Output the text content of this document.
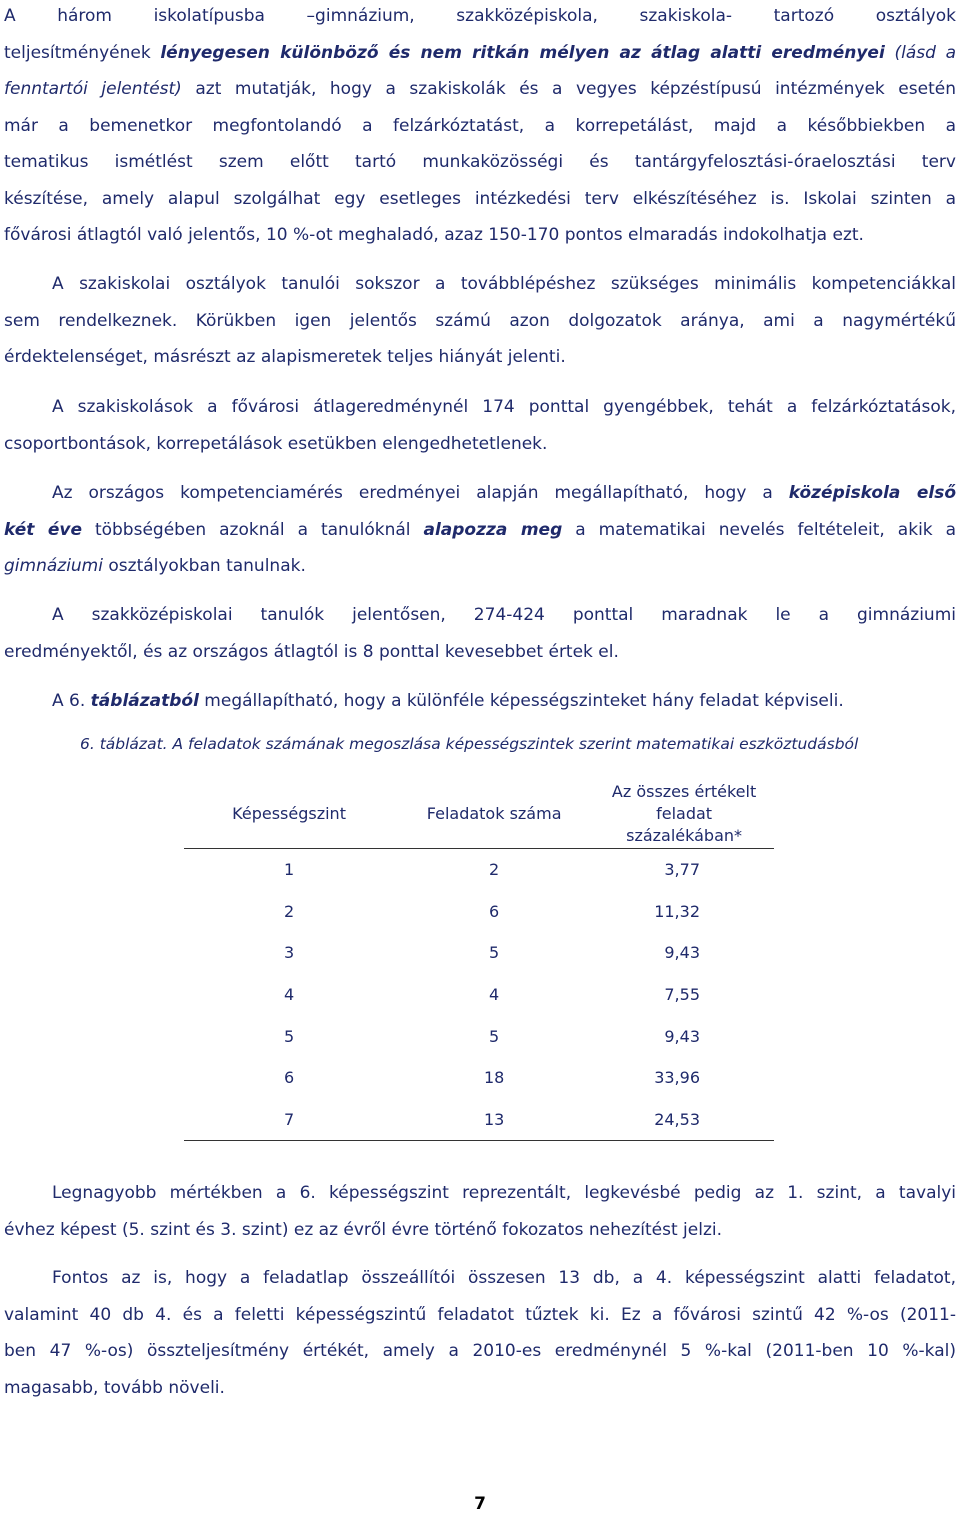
A három iskolatípusba –gimnázium, szakközépiskola, szakiskola- tartozó osztályok
teljesítményének lényegesen különböző és nem ritkán mélyen az átlag alatti eredményei (lásd a
fenntartói jelentést) azt mutatják, hogy a szakiskolák és a vegyes képzéstípusú intézmények esetén
már a bemenetkor megfontolandó a felzárkóztatást, a korrepetálást, majd a későbbiekben a
tematikus ismétlést szem előtt tartó munkaközösségi és tantárgyfelosztási-óraelosztási terv
készítése, amely alapul szolgálhat egy esetleges intézkedési terv elkészítéséhez is. Iskolai szinten a
fővárosi átlagtól való jelentős, 10 %-ot meghaladó, azaz 150-170 pontos elmaradás indokolhatja ezt.
A szakiskolai osztályok tanulói sokszor a továbblépéshez szükséges minimális kompetenciákkal
sem rendelkeznek. Körükben igen jelentős számú azon dolgozatok aránya, ami a nagymértékű
érdektelenséget, másrészt az alapismeretek teljes hiányát jelenti.
A szakiskolások a fővárosi átlageredménynél 174 ponttal gyengébbek, tehát a felzárkóztatások,
csoportbontások, korrepetálások esetükben elengedhetetlenek.
Az országos kompetenciamérés eredményei alapján megállapítható, hogy a középiskola első
két éve többségében azoknál a tanulóknál alapozza meg a matematikai nevelés feltételeit, akik a
gimnáziumi osztályokban tanulnak.
A szakközépiskolai tanulók jelentősen, 274-424 ponttal maradnak le a gimnáziumi
eredményektől, és az országos átlagtól is 8 ponttal kevesebbet értek el.
A 6. táblázatból megállapítható, hogy a különféle képességszinteket hány feladat képviseli.
6. táblázat. A feladatok számának megoszlása képességszintek szerint matematikai eszköztudásból
Képességszint	Feladatok száma	Az összes értékelt feladat százalékában*
1	2	3,77
2	6	11,32
3	5	9,43
4	4	7,55
5	5	9,43
6	18	33,96
7	13	24,53
Legnagyobb mértékben a 6. képességszint reprezentált, legkevésbé pedig az 1. szint, a tavalyi
évhez képest (5. szint és 3. szint) ez az évről évre történő fokozatos nehezítést jelzi.
Fontos az is, hogy a feladatlap összeállítói összesen 13 db, a 4. képességszint alatti feladatot,
valamint 40 db 4. és a feletti képességszintű feladatot tűztek ki. Ez a fővárosi szintű 42 %-os (2011-
ben 47 %-os) összteljesítmény értékét, amely a 2010-es eredménynél 5 %-kal (2011-ben 10 %-kal)
magasabb, tovább növeli.
7
